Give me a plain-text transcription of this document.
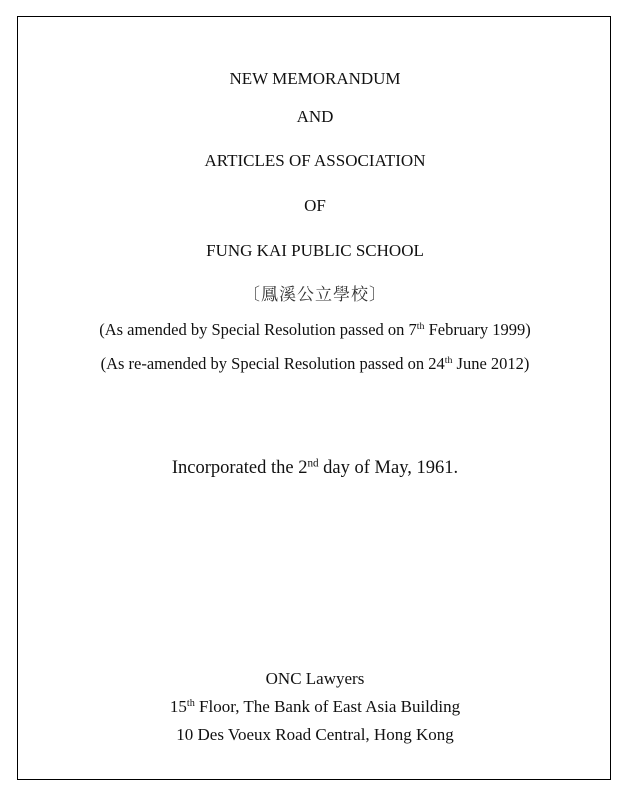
NEW MEMORANDUM
AND
ARTICLES OF ASSOCIATION
OF
FUNG KAI PUBLIC SCHOOL
〔鳳溪公立學校〕
(As amended by Special Resolution passed on 7th February 1999)
(As re-amended by Special Resolution passed on 24th June 2012)
Incorporated the 2nd day of May, 1961.
ONC Lawyers
15th Floor, The Bank of East Asia Building
10 Des Voeux Road Central, Hong Kong
